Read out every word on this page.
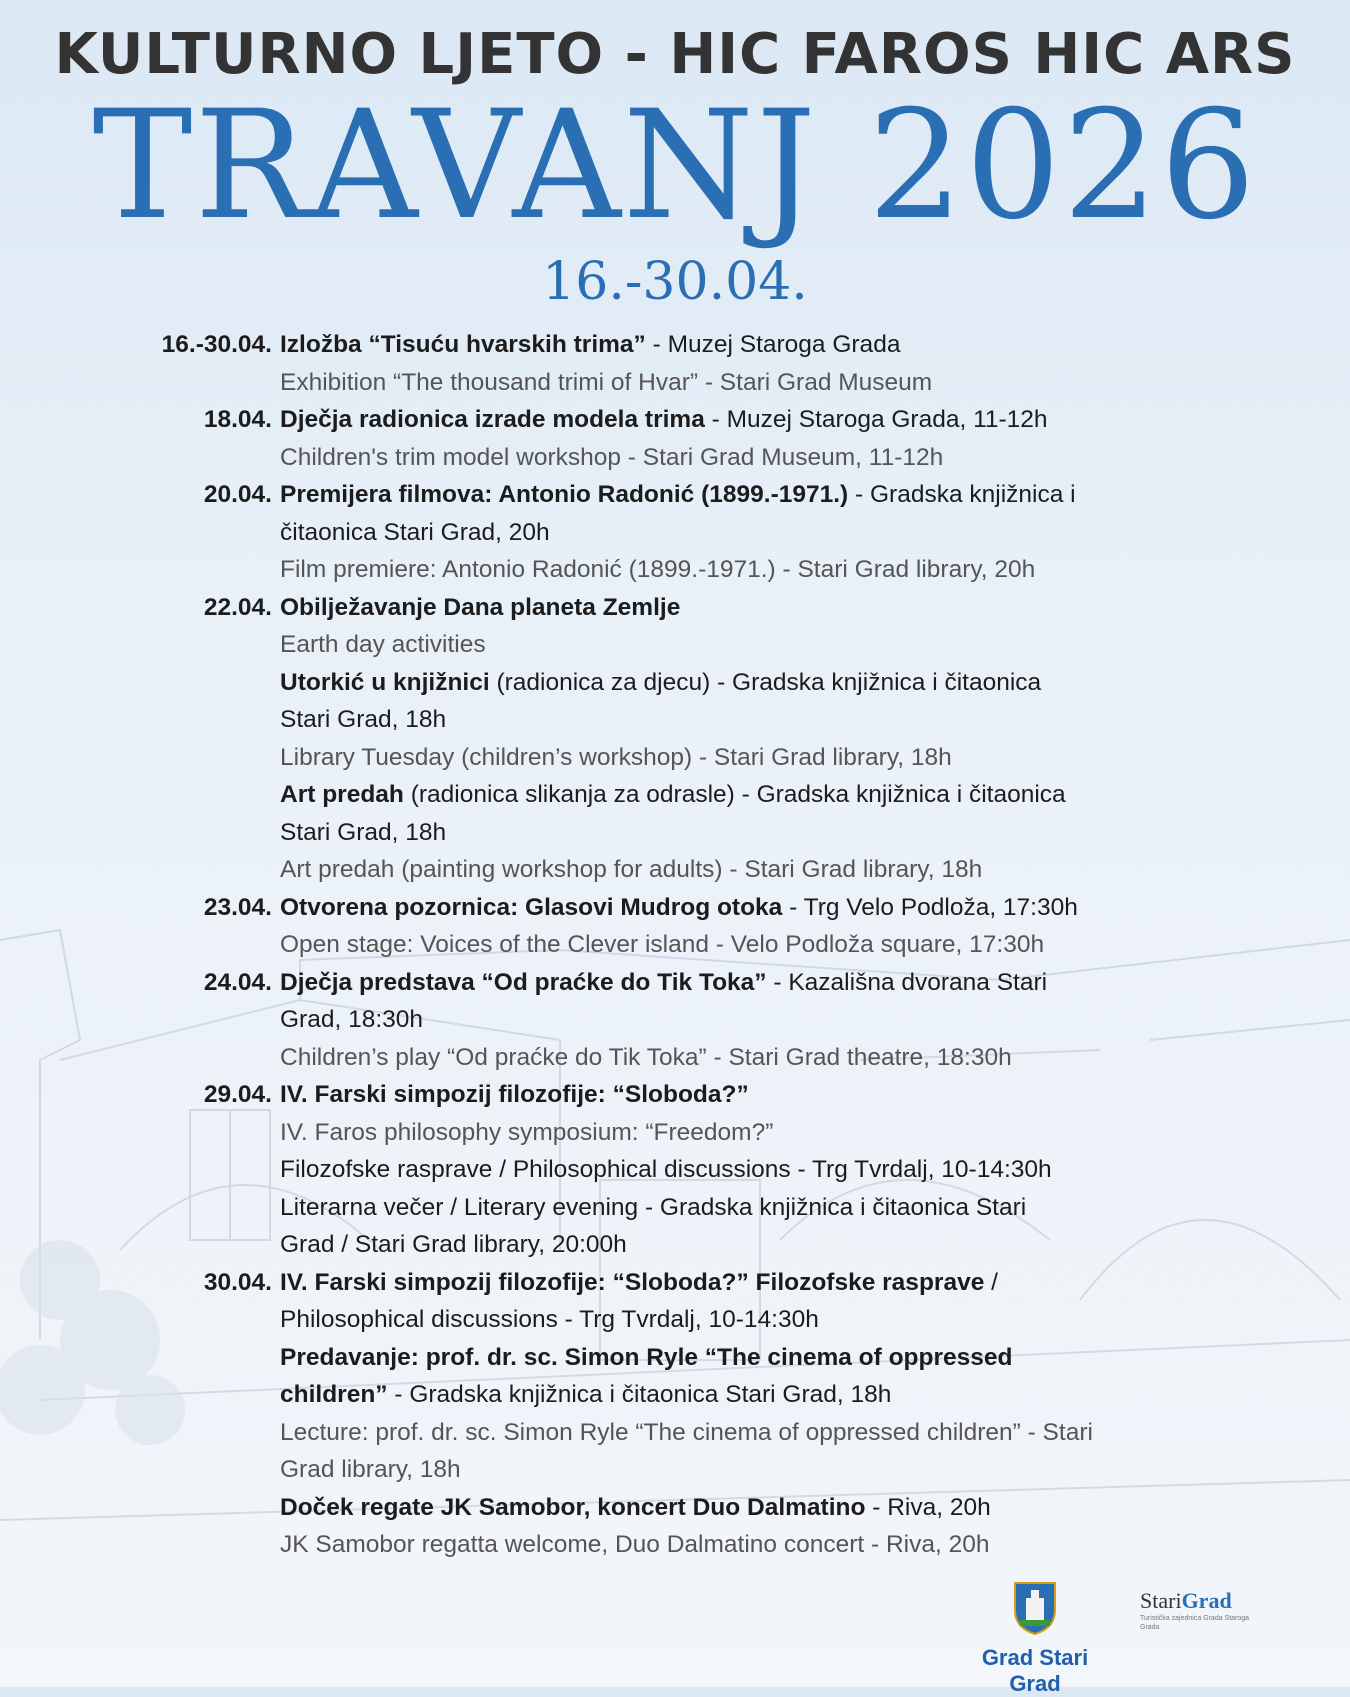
KULTURNO LJETO - HIC FAROS HIC ARS
TRAVANJ 2026
16.-30.04.
16.-30.04. Izložba “Tisuću hvarskih trima” - Muzej Staroga Grada
Exhibition “The thousand trimi of Hvar” - Stari Grad Museum
18.04. Dječja radionica izrade modela trima - Muzej Staroga Grada, 11-12h
Children's trim model workshop - Stari Grad Museum, 11-12h
20.04. Premijera filmova: Antonio Radonić (1899.-1971.) - Gradska knjižnica i
čitaonica Stari Grad, 20h
Film premiere: Antonio Radonić (1899.-1971.) - Stari Grad library, 20h
22.04. Obilježavanje Dana planeta Zemlje
Earth day activities
Utorkić u knjižnici (radionica za djecu) - Gradska knjižnica i čitaonica
Stari Grad, 18h
Library Tuesday (children’s workshop) - Stari Grad library, 18h
Art predah (radionica slikanja za odrasle) - Gradska knjižnica i čitaonica
Stari Grad, 18h
Art predah (painting workshop for adults) - Stari Grad library, 18h
23.04. Otvorena pozornica: Glasovi Mudrog otoka - Trg Velo Podloža, 17:30h
Open stage: Voices of the Clever island - Velo Podloža square, 17:30h
24.04. Dječja predstava “Od praćke do Tik Toka” - Kazališna dvorana Stari
Grad, 18:30h
Children’s play “Od praćke do Tik Toka” - Stari Grad theatre, 18:30h
29.04. IV. Farski simpozij filozofije: “Sloboda?”
IV. Faros philosophy symposium: “Freedom?”
Filozofske rasprave / Philosophical discussions - Trg Tvrdalj, 10-14:30h
Literarna večer / Literary evening - Gradska knjižnica i čitaonica Stari
Grad / Stari Grad library, 20:00h
30.04. IV. Farski simpozij filozofije: “Sloboda?” Filozofske rasprave /
Philosophical discussions - Trg Tvrdalj, 10-14:30h
Predavanje: prof. dr. sc. Simon Ryle “The cinema of oppressed
children” - Gradska knjižnica i čitaonica Stari Grad, 18h
Lecture: prof. dr. sc. Simon Ryle “The cinema of oppressed children” - Stari
Grad library, 18h
Doček regate JK Samobor, koncert Duo Dalmatino - Riva, 20h
JK Samobor regatta welcome, Duo Dalmatino concert - Riva, 20h
Grad Stari Grad
StariGrad
Turistička zajednica Grada Staroga Grada
